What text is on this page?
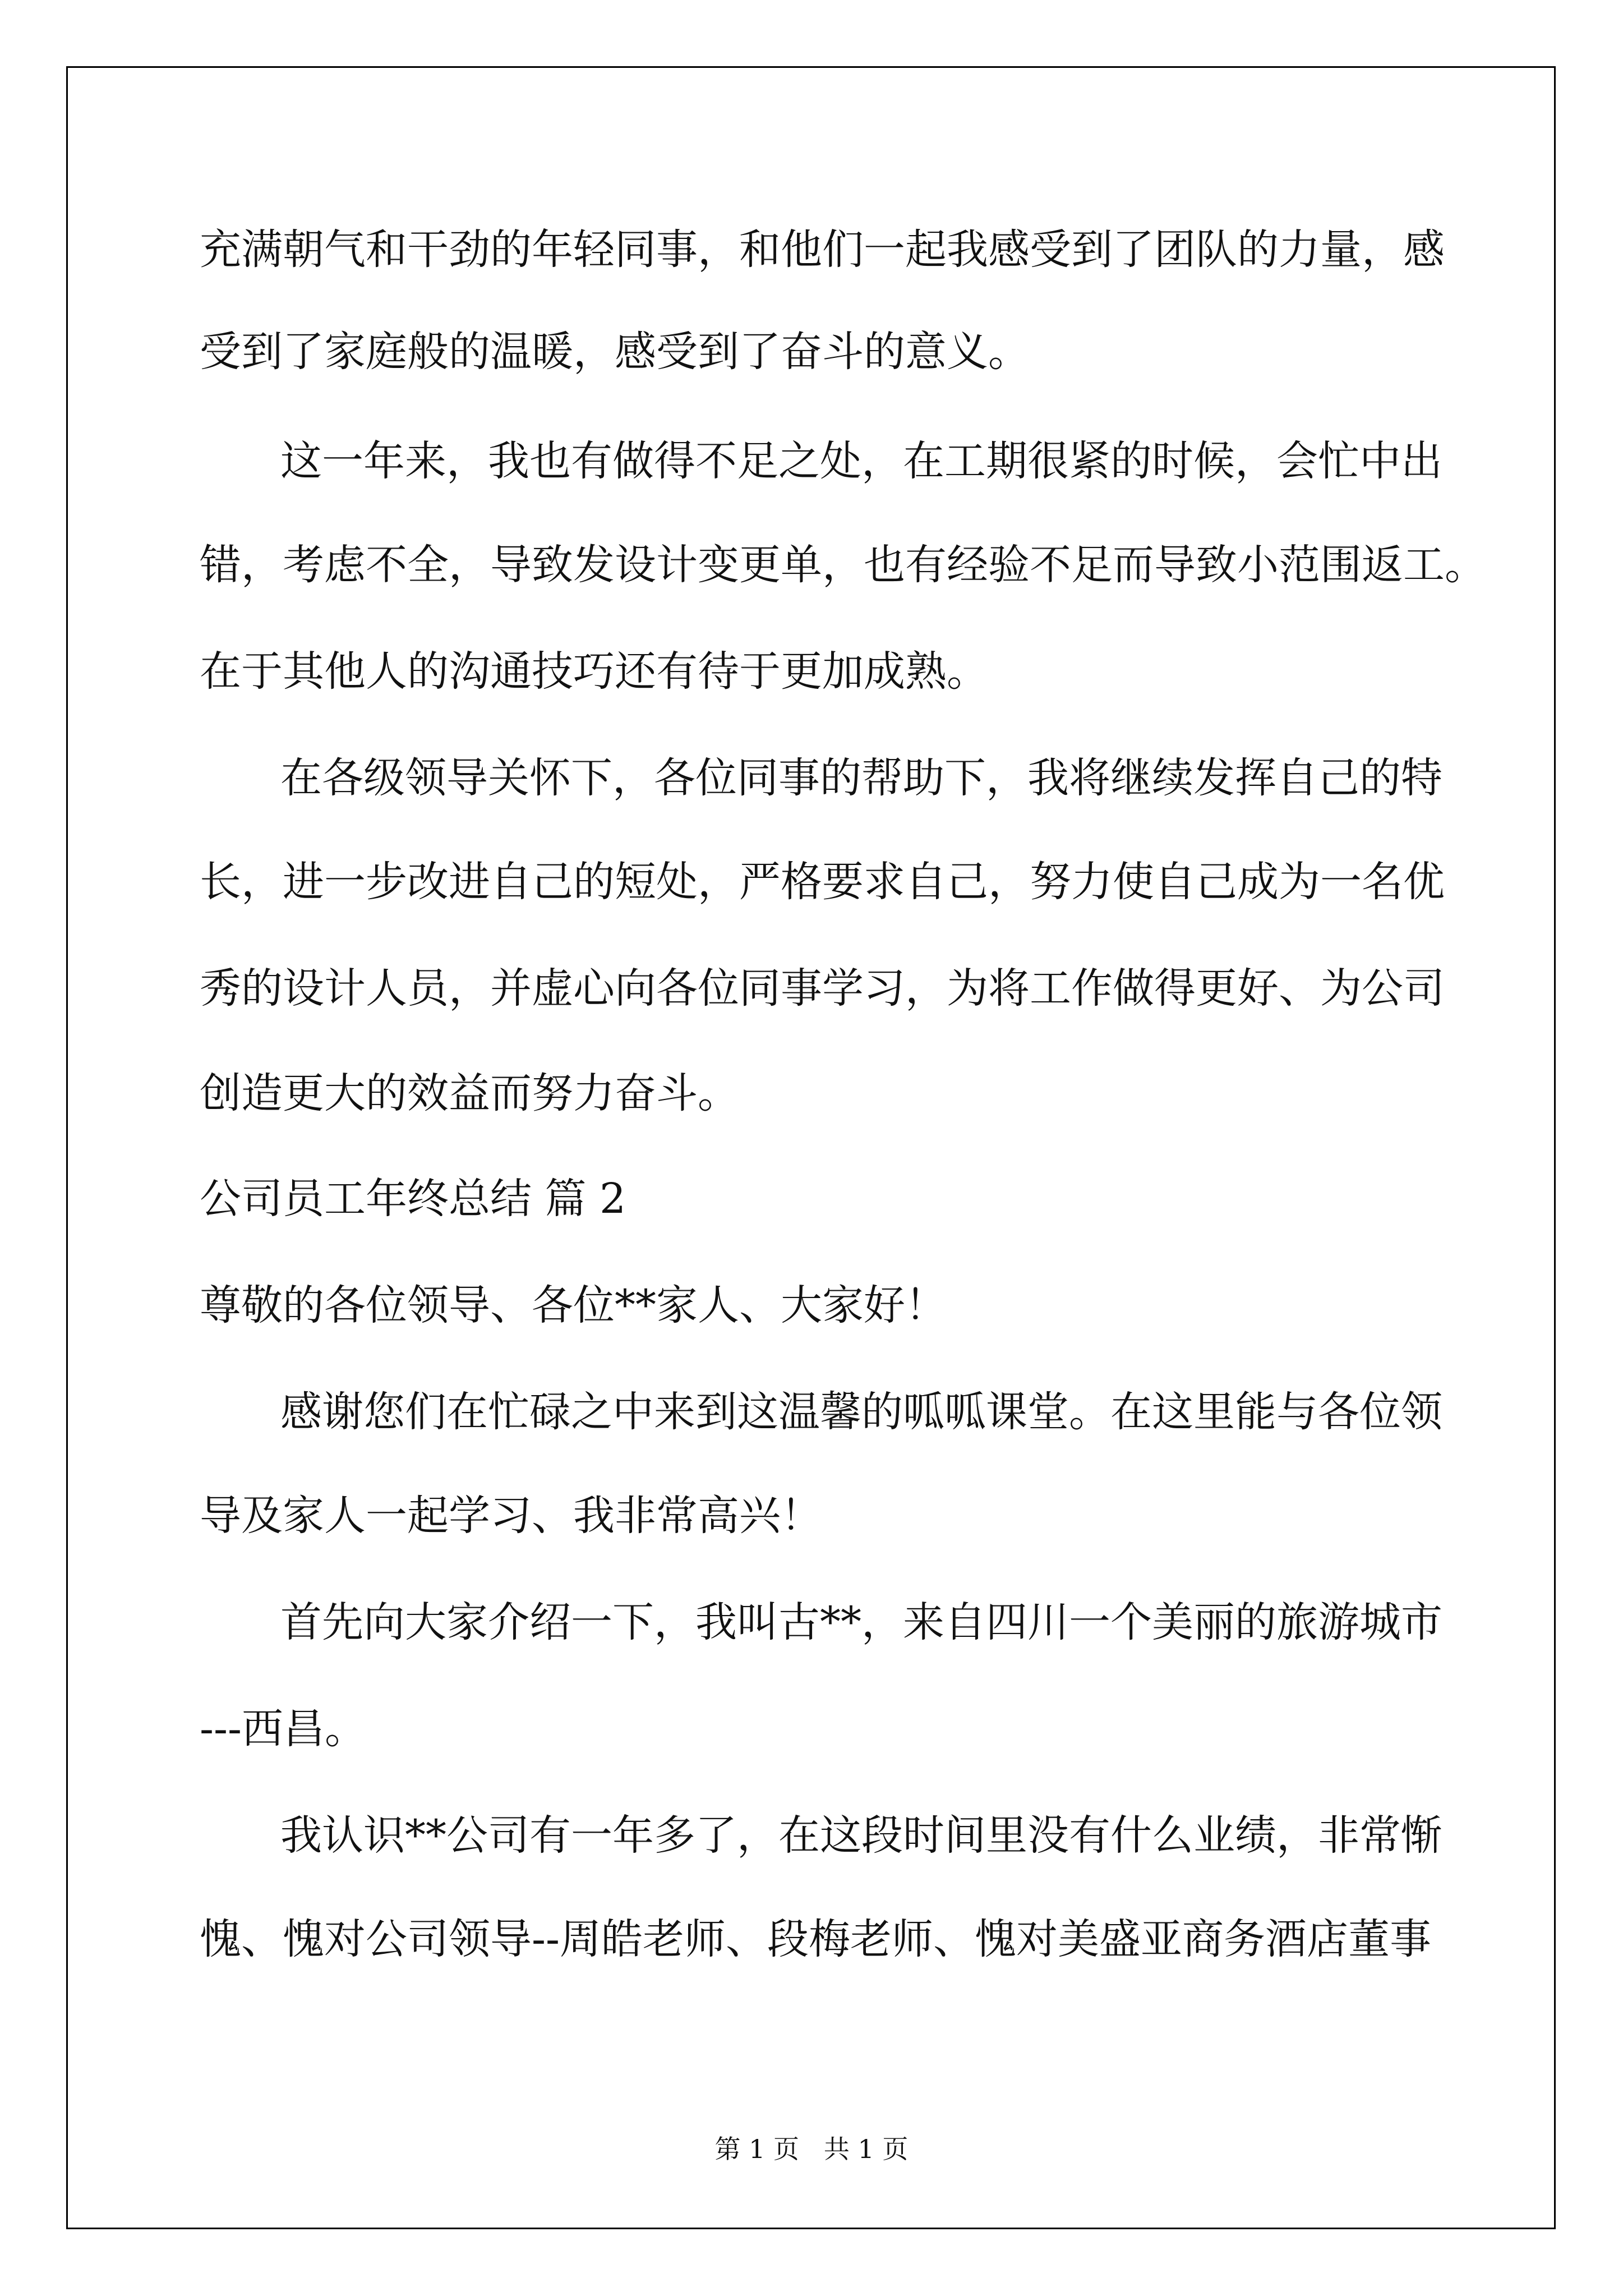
充满朝气和干劲的年轻同事，和他们一起我感受到了团队的力量，感
受到了家庭般的温暖，感受到了奋斗的意义。
这一年来，我也有做得不足之处，在工期很紧的时候，会忙中出
错，考虑不全，导致发设计变更单，也有经验不足而导致小范围返工。
在于其他人的沟通技巧还有待于更加成熟。
在各级领导关怀下，各位同事的帮助下，我将继续发挥自己的特
长，进一步改进自己的短处，严格要求自己，努力使自己成为一名优
秀的设计人员，并虚心向各位同事学习，为将工作做得更好、为公司
创造更大的效益而努力奋斗。
公司员工年终总结 篇 2
尊敬的各位领导、各位**家人、大家好！
感谢您们在忙碌之中来到这温馨的呱呱课堂。在这里能与各位领
导及家人一起学习、我非常高兴！
首先向大家介绍一下，我叫古**，来自四川一个美丽的旅游城市
---西昌。
我认识**公司有一年多了，在这段时间里没有什么业绩，非常惭
愧、愧对公司领导--周皓老师、段梅老师、愧对美盛亚商务酒店董事
第 1 页   共 1 页
